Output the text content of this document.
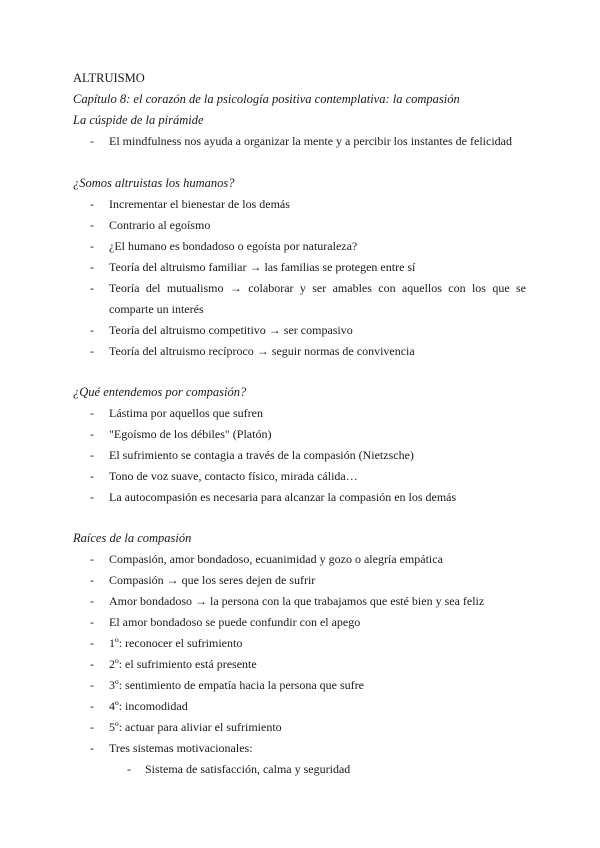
ALTRUISMO
Capítulo 8: el corazón de la psicología positiva contemplativa: la compasión
La cúspide de la pirámide
- El mindfulness nos ayuda a organizar la mente y a percibir los instantes de felicidad
¿Somos altruistas los humanos?
- Incrementar el bienestar de los demás
- Contrario al egoísmo
- ¿El humano es bondadoso o egoísta por naturaleza?
- Teoría del altruismo familiar → las familias se protegen entre sí
- Teoría del mutualismo → colaborar y ser amables con aquellos con los que se
comparte un interés
- Teoría del altruismo competitivo → ser compasivo
- Teoría del altruismo recíproco → seguir normas de convivencia
¿Qué entendemos por compasión?
- Lástima por aquellos que sufren
- "Egoísmo de los débiles" (Platón)
- El sufrimiento se contagia a través de la compasión (Nietzsche)
- Tono de voz suave, contacto físico, mirada cálida…
- La autocompasión es necesaria para alcanzar la compasión en los demás
Raíces de la compasión
- Compasión, amor bondadoso, ecuanimidad y gozo o alegría empática
- Compasión → que los seres dejen de sufrir
- Amor bondadoso → la persona con la que trabajamos que esté bien y sea feliz
- El amor bondadoso se puede confundir con el apego
- 1º: reconocer el sufrimiento
- 2º: el sufrimiento está presente
- 3º: sentimiento de empatía hacia la persona que sufre
- 4º: incomodidad
- 5º: actuar para aliviar el sufrimiento
- Tres sistemas motivacionales:
- Sistema de satisfacción, calma y seguridad
